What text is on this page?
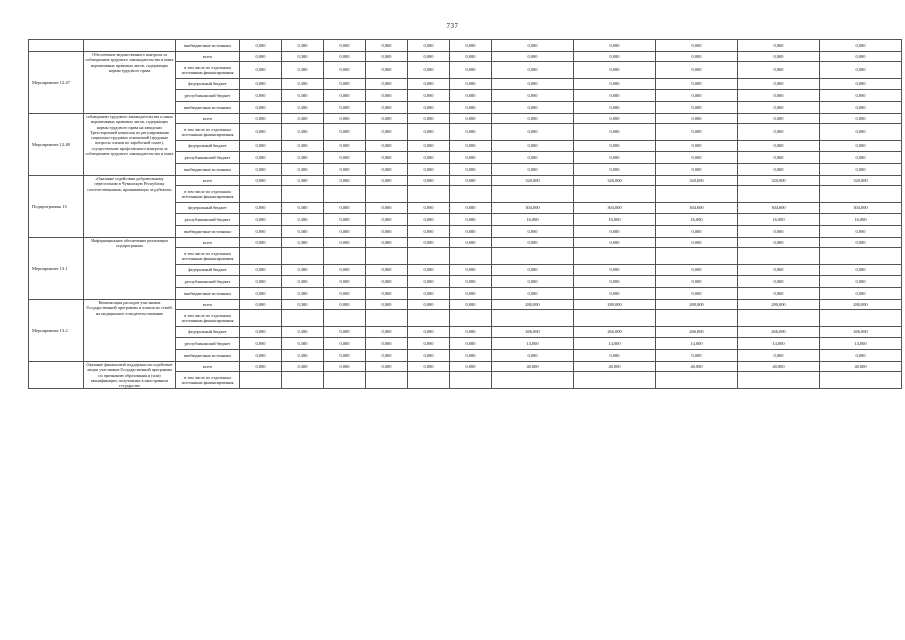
737
		внебюджетные источники	0,000	0,300	0,000	0,000	0,000	0,000	0,000	0,000	0,000	0,000	0,000
Мероприятие 12.47	Обеспечение ведомственного контроля за соблюдением трудового законодательства и иных нормативных правовых актов, содержащих нормы трудового права	всего	0,000	0,300	0,000	0,000	0,000	0,000	0,000	0,000	0,000	0,000	0,000
		в том числе по отдельным источникам финансирования	0,000	0,300	0,000	0,000	0,000	0,000	0,000	0,000	0,000	0,000	0,000
		федеральный бюджет	0,000	0,300	0,000	0,000	0,000	0,000	0,000	0,000	0,000	0,000	0,000
		республиканский бюджет	0,000	0,300	0,000	0,000	0,000	0,000	0,000	0,000	0,000	0,000	0,000
		внебюджетные источники	0,000	0,300	0,000	0,000	0,000	0,000	0,000	0,000	0,000	0,000	0,000
Мероприятие 12.48	соблюдению трудового законодательства и иных нормативных правовых актов, содержащих нормы трудового права на заводских Трехсторонней комиссии по регулированию социально-трудовых отношений (трудовые вопросы членов по заработной плате), осуществление профсоюзного контроля за соблюдением трудового законодательства и иных	всего	0,000	0,300	0,000	0,000	0,000	0,000	0,000	0,000	0,000	0,000	0,000
		в том числе по отдельным источникам финансирования	0,000	0,300	0,000	0,000	0,000	0,000	0,000	0,000	0,000	0,000	0,000
		федеральный бюджет	0,000	0,300	0,000	0,000	0,000	0,000	0,000	0,000	0,000	0,000	0,000
		республиканский бюджет	0,000	0,300	0,000	0,000	0,000	0,000	0,000	0,000	0,000	0,000	0,000
		внебюджетные источники	0,000	0,300	0,000	0,000	0,000	0,000	0,000	0,000	0,000	0,000	0,000
Подпрограмма 13	«Оказание содействия добровольному переселению в Чувашскую Республику соотечественников, проживающих за рубежом»	всего	0,000	0,300	0,000	0,000	0,000	0,000	320,000	320,000	320,000	320,000	320,000
		в том числе по отдельным источникам финансирования											
		федеральный бюджет	0,000	0,300	0,000	0,000	0,000	0,000	304,000	304,000	304,000	304,000	304,000
		республиканский бюджет	0,000	0,300	0,000	0,000	0,000	0,000	16,000	16,000	16,000	16,000	16,000
		внебюджетные источники	0,000	0,300	0,000	0,000	0,000	0,000	0,000	0,000	0,000	0,000	0,000
Мероприятие 13.1	Информационное обеспечение реализации подпрограммы	всего	0,000	0,300	0,000	0,000	0,000	0,000	0,000	0,000	0,000	0,000	0,000
		в том числе по отдельным источникам финансирования											
		федеральный бюджет	0,000	0,300	0,000	0,000	0,000	0,000	0,000	0,000	0,000	0,000	0,000
		республиканский бюджет	0,000	0,300	0,000	0,000	0,000	0,000	0,000	0,000	0,000	0,000	0,000
		внебюджетные источники	0,000	0,300	0,000	0,000	0,000	0,000	0,000	0,000	0,000	0,000	0,000
Мероприятие 13.2	Компенсация расходов участников Государственной программы и членов их семей, на медицинское освидетельствование	всего	0,000	0,300	0,000	0,000	0,000	0,000	280,000	280,000	280,000	280,000	280,000
		в том числе по отдельным источникам финансирования											
		федеральный бюджет	0,000	0,300	0,000	0,000	0,000	0,000	266,000	266,000	266,000	266,000	266,000
		республиканский бюджет	0,000	0,300	0,000	0,000	0,000	0,000	14,000	14,000	14,000	14,000	14,000
		внебюджетные источники	0,000	0,300	0,000	0,000	0,000	0,000	0,000	0,000	0,000	0,000	0,000
	Оказание финансовой поддержки на содействие лицам участников Государственной программы по признанию образования и (или) квалификации, полученных в иностранном государстве	всего	0,000	0,300	0,000	0,000	0,000	0,000	40,000	40,000	40,000	40,000	40,000
		в том числе по отдельным источникам финансирования											
